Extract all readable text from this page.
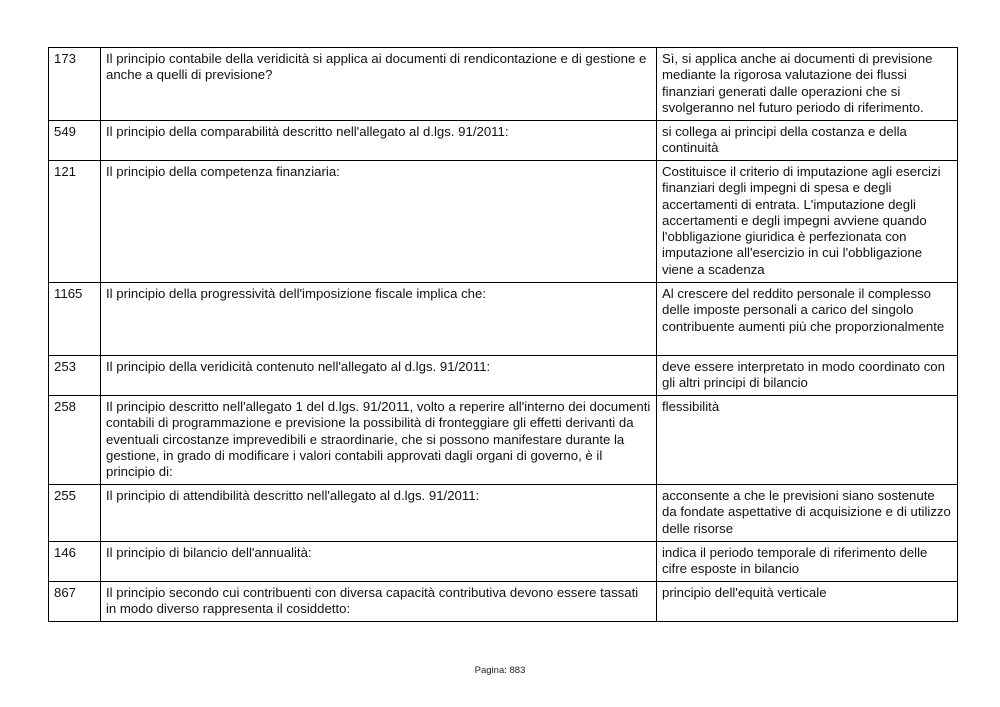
173	Il principio contabile della veridicità si applica ai documenti di rendicontazione e di gestione e anche a quelli di previsione?	Sì, si applica anche ai documenti di previsione mediante la rigorosa valutazione dei flussi finanziari generati dalle operazioni che si svolgeranno nel futuro periodo di riferimento.
549	Il principio della comparabilità descritto nell'allegato al d.lgs. 91/2011:	si collega ai principi della costanza e della continuità
121	Il principio della competenza finanziaria:	Costituisce il criterio di imputazione agli esercizi finanziari degli impegni di spesa e degli accertamenti di entrata. L'imputazione degli accertamenti e degli impegni avviene quando l'obbligazione giuridica è perfezionata con imputazione all'esercizio in cui l'obbligazione viene a scadenza
1165	Il principio della progressività dell'imposizione fiscale implica che:	Al crescere del reddito personale il complesso delle imposte personali a carico del singolo contribuente aumenti più che proporzionalmente
253	Il principio della veridicità contenuto nell'allegato al d.lgs. 91/2011:	deve essere interpretato in modo coordinato con gli altri principi di bilancio
258	Il principio descritto nell'allegato 1 del d.lgs. 91/2011, volto a reperire all'interno dei documenti contabili di programmazione e previsione la possibilità di fronteggiare gli effetti derivanti da eventuali circostanze imprevedibili e straordinarie, che si possono manifestare durante la gestione, in grado di modificare i valori contabili approvati dagli organi di governo, è il principio di:	flessibilità
255	Il principio di attendibilità descritto nell'allegato al d.lgs. 91/2011:	acconsente a che le previsioni siano sostenute da fondate aspettative di acquisizione e di utilizzo delle risorse
146	Il principio di bilancio dell'annualità:	indica il periodo temporale di riferimento delle cifre esposte in bilancio
867	Il principio secondo cui contribuenti con diversa capacità contributiva devono essere tassati in modo diverso rappresenta il cosiddetto:	principio dell'equità verticale
Pagina: 883
